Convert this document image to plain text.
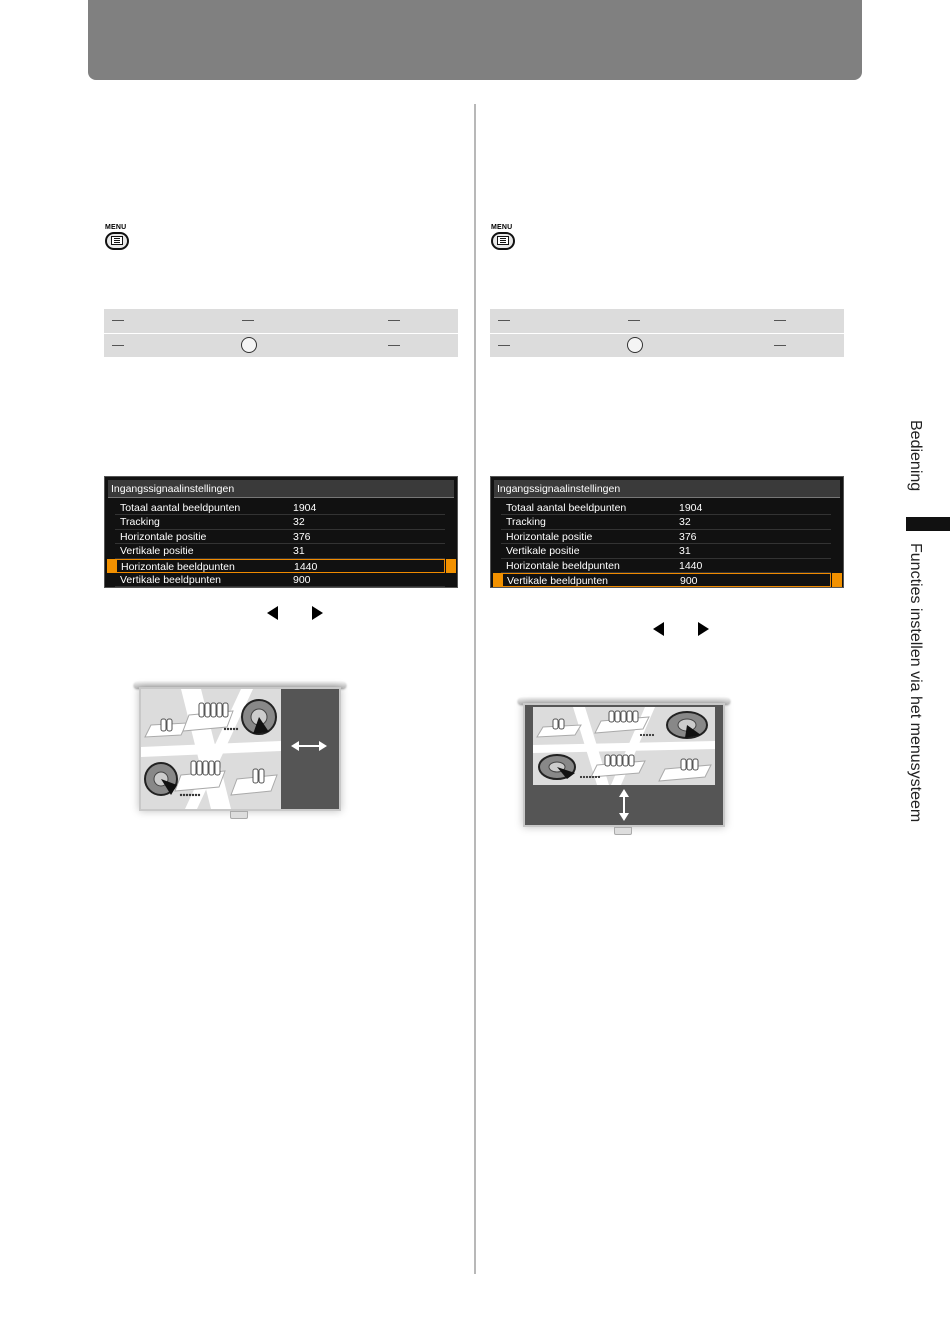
MENU
Ingangssignaalinstellingen
Totaal aantal beeldpunten	1904
Tracking	32
Horizontale positie	376
Vertikale positie	31
Horizontale beeldpunten	1440
Vertikale beeldpunten	900
MENU
Ingangssignaalinstellingen
Totaal aantal beeldpunten	1904
Tracking	32
Horizontale positie	376
Vertikale positie	31
Horizontale beeldpunten	1440
Vertikale beeldpunten	900
Bediening
Functies instellen via het menusysteem
